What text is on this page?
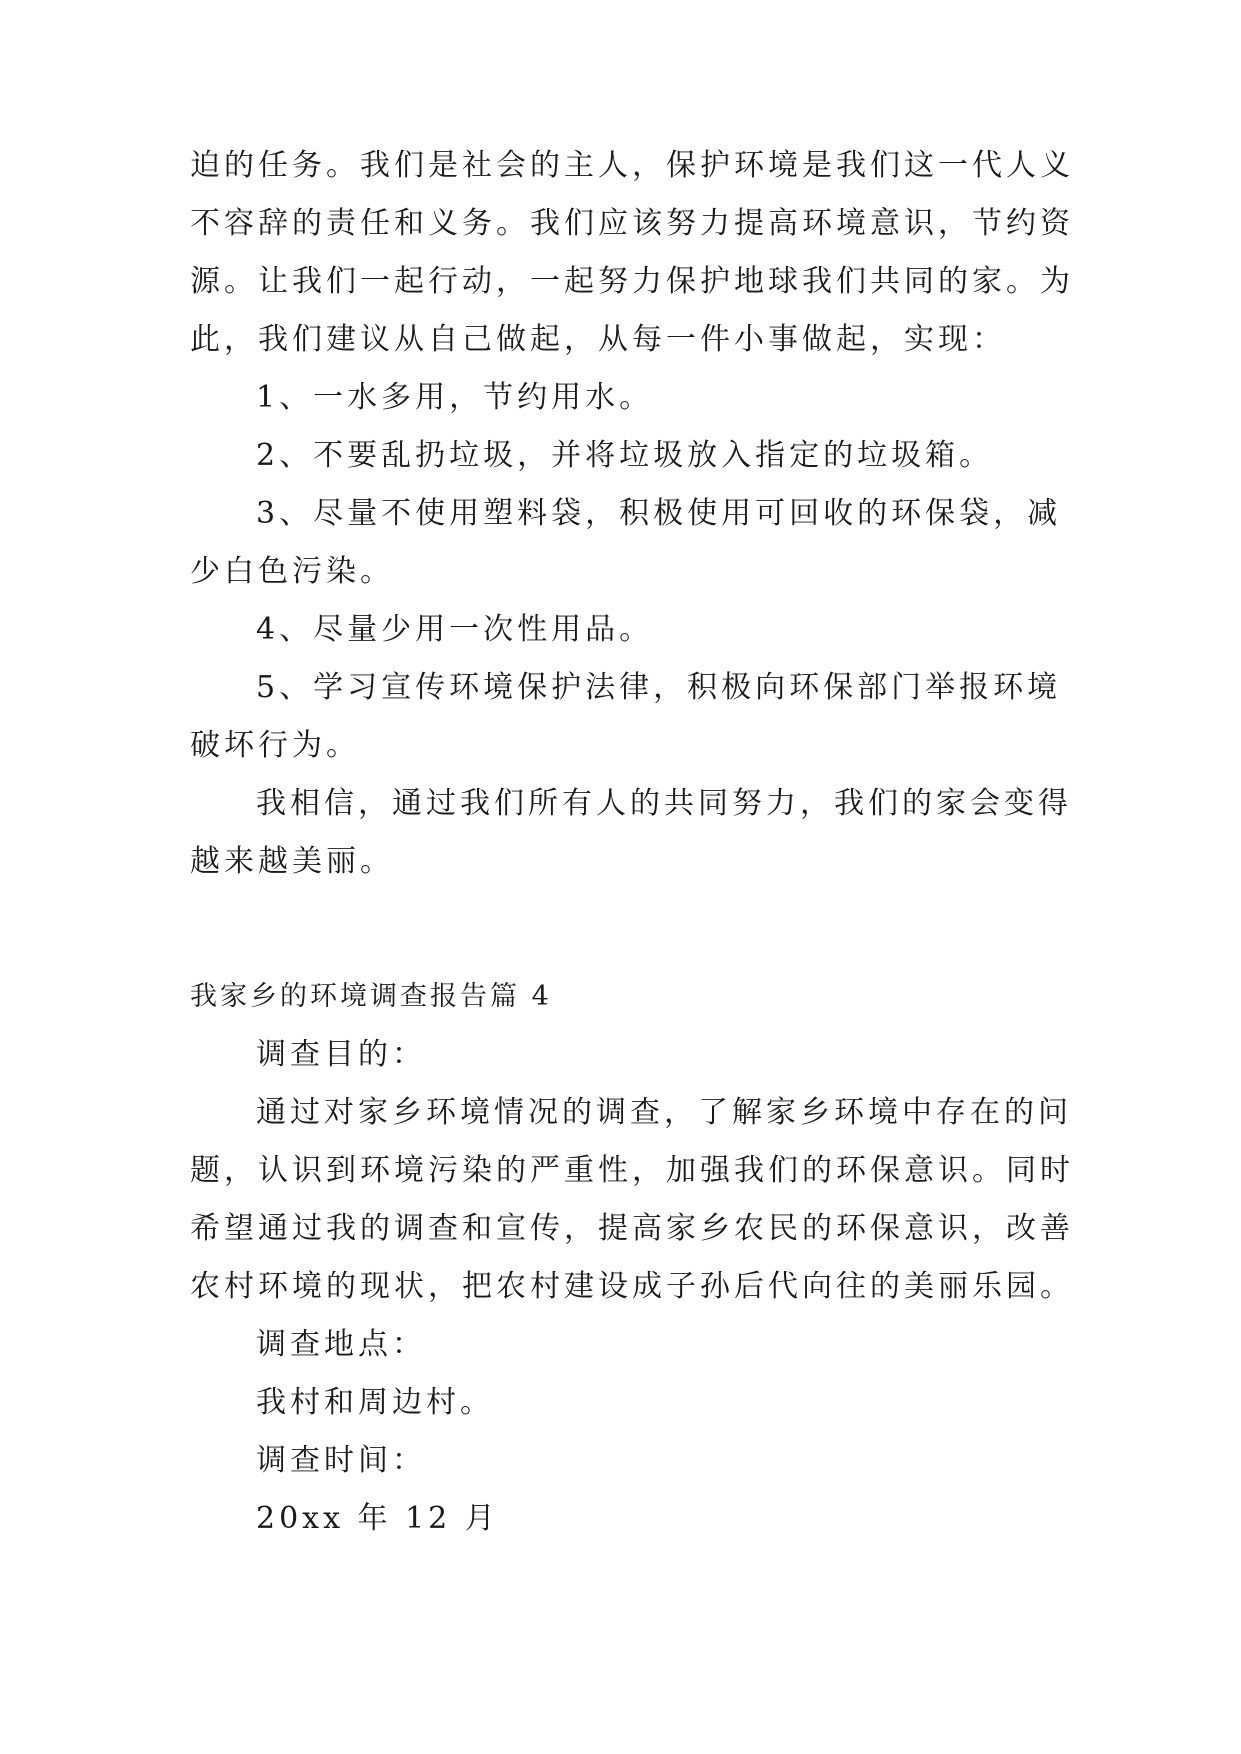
迫的任务。我们是社会的主人，保护环境是我们这一代人义
不容辞的责任和义务。我们应该努力提高环境意识，节约资
源。让我们一起行动，一起努力保护地球我们共同的家。为
此，我们建议从自己做起，从每一件小事做起，实现：
1、一水多用，节约用水。
2、不要乱扔垃圾，并将垃圾放入指定的垃圾箱。
3、尽量不使用塑料袋，积极使用可回收的环保袋，减
少白色污染。
4、尽量少用一次性用品。
5、学习宣传环境保护法律，积极向环保部门举报环境
破坏行为。
我相信，通过我们所有人的共同努力，我们的家会变得
越来越美丽。
我家乡的环境调查报告篇 4
调查目的：
通过对家乡环境情况的调查，了解家乡环境中存在的问
题，认识到环境污染的严重性，加强我们的环保意识。同时
希望通过我的调查和宣传，提高家乡农民的环保意识，改善
农村环境的现状，把农村建设成子孙后代向往的美丽乐园。
调查地点：
我村和周边村。
调查时间：
20xx 年 12 月
